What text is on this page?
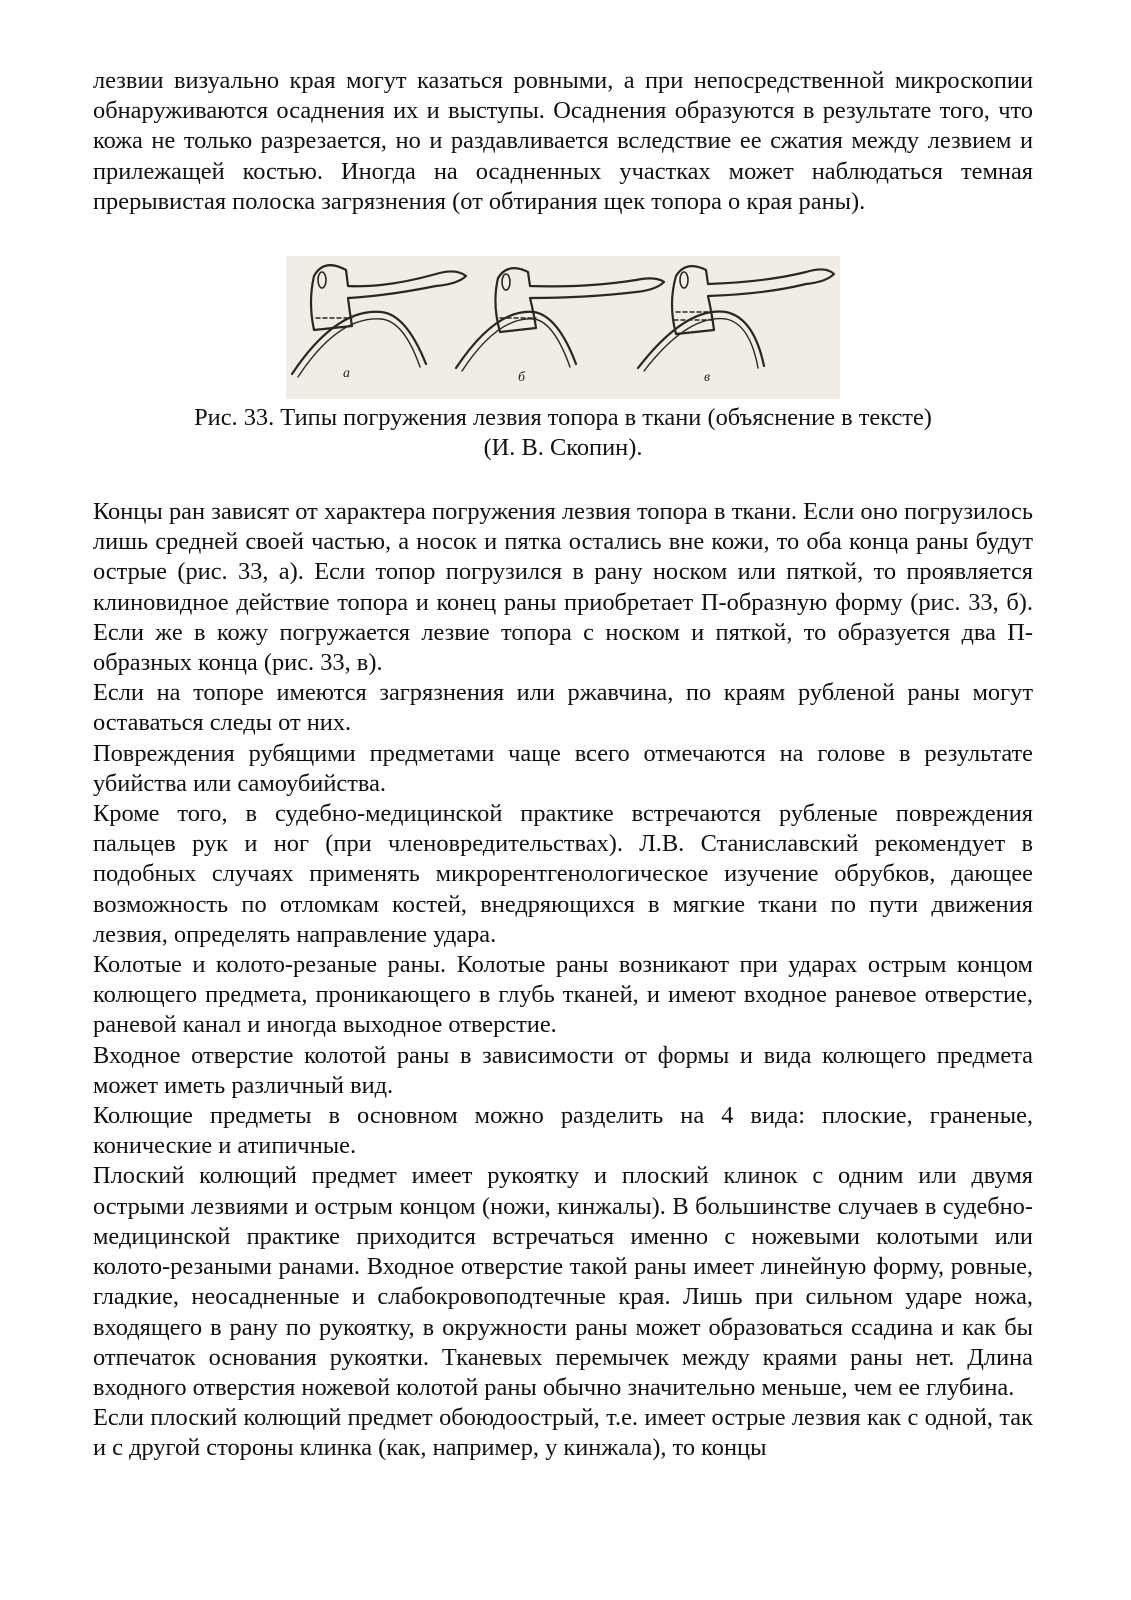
лезвии визуально края могут казаться ровными, а при непосредственной микроскопии обнаруживаются осаднения их и выступы. Осаднения образуются в результате того, что кожа не только разрезается, но и раздавливается вследствие ее сжатия между лезвием и прилежащей костью. Иногда на осадненных участках может наблюдаться темная прерывистая полоска загрязнения (от обтирания щек топора о края раны).

а	б	в

Рис. 33. Типы погружения лезвия топора в ткани (объяснение в тексте)
(И. В. Скопин).

Концы ран зависят от характера погружения лезвия топора в ткани. Если оно погрузилось лишь средней своей частью, а носок и пятка остались вне кожи, то оба конца раны будут острые (рис. 33, а). Если топор погрузился в рану носком или пяткой, то проявляется клиновидное действие топора и конец раны приобретает П-образную форму (рис. 33, б). Если же в кожу погружается лезвие топора с носком и пяткой, то образуется два П-образных конца (рис. 33, в).

Если на топоре имеются загрязнения или ржавчина, по краям рубленой раны могут оставаться следы от них.

Повреждения рубящими предметами чаще всего отмечаются на голове в результате убийства или самоубийства.

Кроме того, в судебно-медицинской практике встречаются рубленые повреждения пальцев рук и ног (при членовредительствах). Л.В. Станиславский рекомендует в подобных случаях применять микрорентгенологическое изучение обрубков, дающее возможность по отломкам костей, внедряющихся в мягкие ткани по пути движения лезвия, определять направление удара.

Колотые и колото-резаные раны. Колотые раны возникают при ударах острым концом колющего предмета, проникающего в глубь тканей, и имеют входное раневое отверстие, раневой канал и иногда выходное отверстие.

Входное отверстие колотой раны в зависимости от формы и вида колющего предмета может иметь различный вид.

Колющие предметы в основном можно разделить на 4 вида: плоские, граненые, конические и атипичные.

Плоский колющий предмет имеет рукоятку и плоский клинок с одним или двумя острыми лезвиями и острым концом (ножи, кинжалы). В большинстве случаев в судебно-медицинской практике приходится встречаться именно с ножевыми колотыми или колото-резаными ранами. Входное отверстие такой раны имеет линейную форму, ровные, гладкие, неосадненные и слабокровоподтечные края. Лишь при сильном ударе ножа, входящего в рану по рукоятку, в окружности раны может образоваться ссадина и как бы отпечаток основания рукоятки. Тканевых перемычек между краями раны нет. Длина входного отверстия ножевой колотой раны обычно значительно меньше, чем ее глубина.

Если плоский колющий предмет обоюдоострый, т.е. имеет острые лезвия как с одной, так и с другой стороны клинка (как, например, у кинжала), то концы
